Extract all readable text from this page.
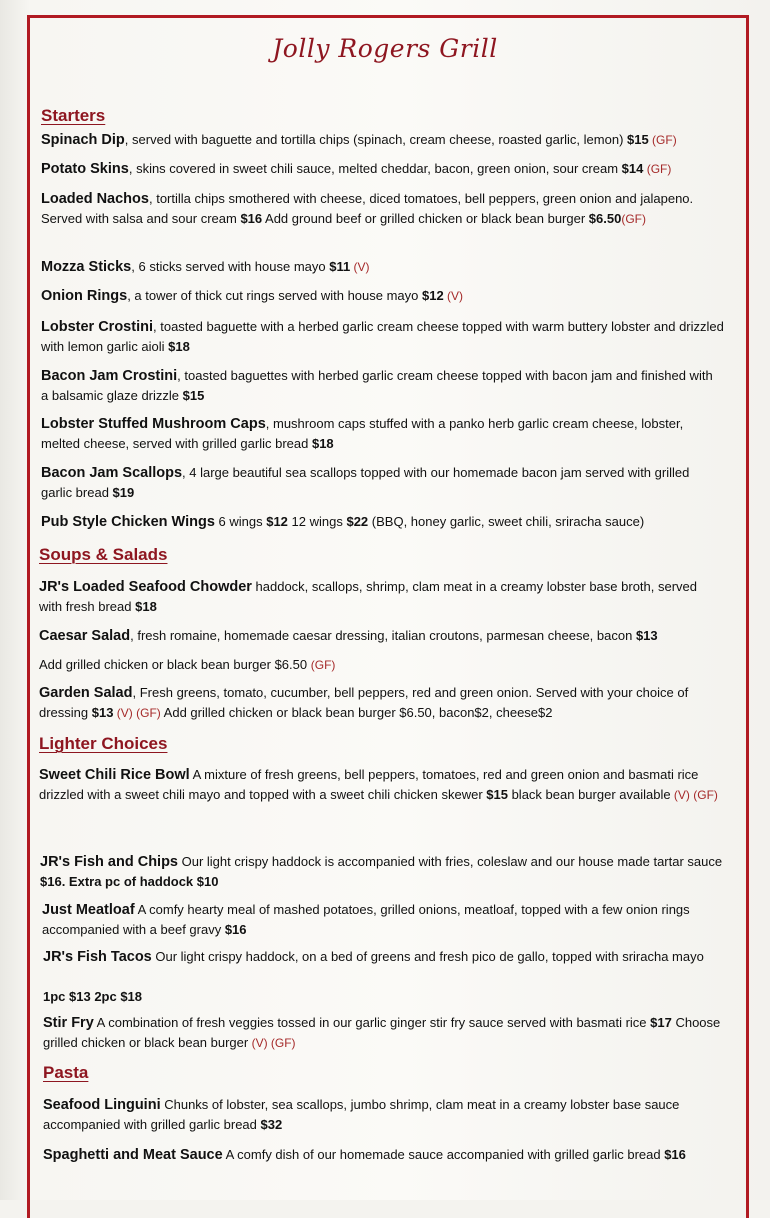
Jolly Rogers Grill
Starters
Spinach Dip, served with baguette and tortilla chips (spinach, cream cheese, roasted garlic, lemon) $15 (GF)
Potato Skins, skins covered in sweet chili sauce, melted cheddar, bacon, green onion, sour cream $14 (GF)
Loaded Nachos, tortilla chips smothered with cheese, diced tomatoes, bell peppers, green onion and jalapeno. Served with salsa and sour cream $16 Add ground beef or grilled chicken or black bean burger $6.50(GF)
Mozza Sticks, 6 sticks served with house mayo $11 (V)
Onion Rings, a tower of thick cut rings served with house mayo $12 (V)
Lobster Crostini, toasted baguette with a herbed garlic cream cheese topped with warm buttery lobster and drizzled with lemon garlic aioli $18
Bacon Jam Crostini, toasted baguettes with herbed garlic cream cheese topped with bacon jam and finished with a balsamic glaze drizzle $15
Lobster Stuffed Mushroom Caps, mushroom caps stuffed with a panko herb garlic cream cheese, lobster, melted cheese, served with grilled garlic bread $18
Bacon Jam Scallops, 4 large beautiful sea scallops topped with our homemade bacon jam served with grilled garlic bread $19
Pub Style Chicken Wings 6 wings $12 12 wings $22 (BBQ, honey garlic, sweet chili, sriracha sauce)
Soups & Salads
JR's Loaded Seafood Chowder haddock, scallops, shrimp, clam meat in a creamy lobster base broth, served with fresh bread $18
Caesar Salad, fresh romaine, homemade caesar dressing, italian croutons, parmesan cheese, bacon $13
Add grilled chicken or black bean burger $6.50 (GF)
Garden Salad, Fresh greens, tomato, cucumber, bell peppers, red and green onion. Served with your choice of dressing $13 (V) (GF) Add grilled chicken or black bean burger $6.50, bacon$2, cheese$2
Lighter Choices
Sweet Chili Rice Bowl A mixture of fresh greens, bell peppers, tomatoes, red and green onion and basmati rice drizzled with a sweet chili mayo and topped with a sweet chili chicken skewer $15 black bean burger available (V) (GF)
JR's Fish and Chips Our light crispy haddock is accompanied with fries, coleslaw and our house made tartar sauce $16. Extra pc of haddock $10
Just Meatloaf A comfy hearty meal of mashed potatoes, grilled onions, meatloaf, topped with a few onion rings accompanied with a beef gravy $16
JR's Fish Tacos Our light crispy haddock, on a bed of greens and fresh pico de gallo, topped with sriracha mayo
1pc $13 2pc $18
Stir Fry A combination of fresh veggies tossed in our garlic ginger stir fry sauce served with basmati rice $17 Choose grilled chicken or black bean burger (V) (GF)
Pasta
Seafood Linguini Chunks of lobster, sea scallops, jumbo shrimp, clam meat in a creamy lobster base sauce accompanied with grilled garlic bread $32
Spaghetti and Meat Sauce A comfy dish of our homemade sauce accompanied with grilled garlic bread $16
